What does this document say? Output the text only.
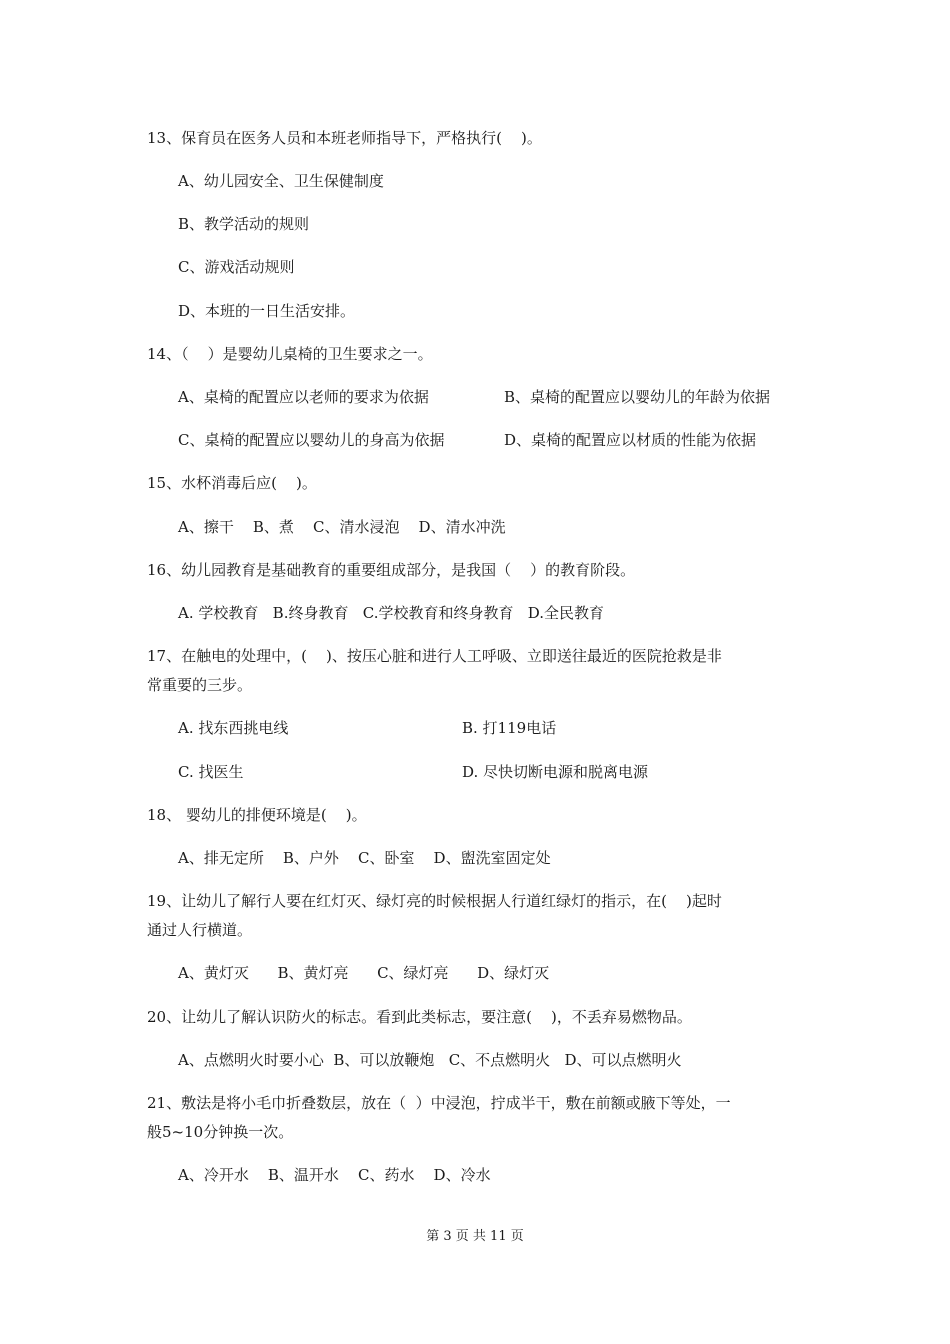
13、保育员在医务人员和本班老师指导下，严格执行(    )。
A、幼儿园安全、卫生保健制度
B、教学活动的规则
C、游戏活动规则
D、本班的一日生活安排。
14、（    ）是婴幼儿桌椅的卫生要求之一。
A、桌椅的配置应以老师的要求为依据	B、桌椅的配置应以婴幼儿的年龄为依据
C、桌椅的配置应以婴幼儿的身高为依据	D、桌椅的配置应以材质的性能为依据
15、水杯消毒后应(    )。
A、擦干    B、煮    C、清水浸泡    D、清水冲洗
16、幼儿园教育是基础教育的重要组成部分，是我国（    ）的教育阶段。
A. 学校教育   B.终身教育   C.学校教育和终身教育   D.全民教育
17、在触电的处理中，(    )、按压心脏和进行人工呼吸、立即送往最近的医院抢救是非
常重要的三步。
A. 找东西挑电线	B. 打119电话
C. 找医生	D. 尽快切断电源和脱离电源
18、 婴幼儿的排便环境是(    )。
A、排无定所    B、户外    C、卧室    D、盥洗室固定处
19、让幼儿了解行人要在红灯灭、绿灯亮的时候根据人行道红绿灯的指示，在(    )起时
通过人行横道。
A、黄灯灭      B、黄灯亮      C、绿灯亮      D、绿灯灭
20、让幼儿了解认识防火的标志。看到此类标志，要注意(    )，不丢弃易燃物品。
A、点燃明火时要小心  B、可以放鞭炮   C、不点燃明火   D、可以点燃明火
21、敷法是将小毛巾折叠数层，放在（  ）中浸泡，拧成半干，敷在前额或腋下等处，一
般5~10分钟换一次。
A、冷开水    B、温开水    C、药水    D、冷水
第 3 页 共 11 页
